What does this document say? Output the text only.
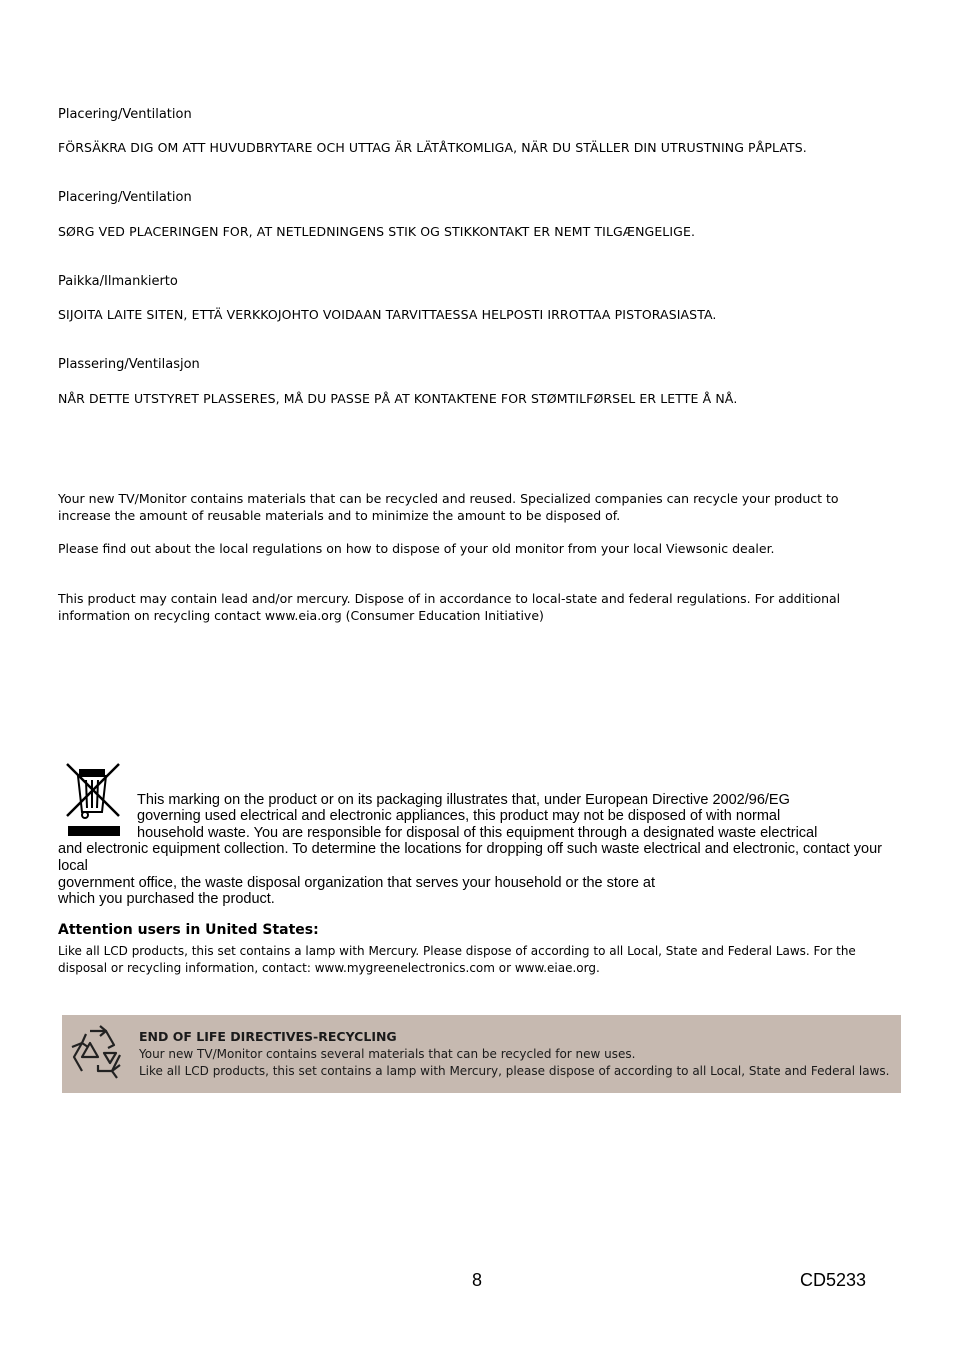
Placering/Ventilation

FÖRSÄKRA DIG OM ATT HUVUDBRYTARE OCH UTTAG ÄR LÄTÅTKOMLIGA, NÄR DU STÄLLER DIN UTRUSTNING PÅPLATS.

Placering/Ventilation

SØRG VED PLACERINGEN FOR, AT NETLEDNINGENS STIK OG STIKKONTAKT ER NEMT TILGÆNGELIGE.

Paikka/Ilmankierto

SIJOITA LAITE SITEN, ETTÄ VERKKOJOHTO VOIDAAN TARVITTAESSA HELPOSTI IRROTTAA PISTORASIASTA.

Plassering/Ventilasjon

NÅR DETTE UTSTYRET PLASSERES, MÅ DU PASSE PÅ AT KONTAKTENE FOR STØMTILFØRSEL ER LETTE Å NÅ.

Your new TV/Monitor contains materials that can be recycled and reused. Specialized companies can recycle your product to increase the amount of reusable materials and to minimize the amount to be disposed of.

Please find out about the local regulations on how to dispose of your old monitor from your local Viewsonic dealer.

This product may contain lead and/or mercury. Dispose of in accordance to local-state and federal regulations. For additional information on recycling contact www.eia.org (Consumer Education Initiative)

This marking on the product or on its packaging illustrates that, under European Directive 2002/96/EG

governing used electrical and electronic appliances, this product may not be disposed of with normal

household waste. You are responsible for disposal of this equipment through a designated waste electrical

and electronic equipment collection. To determine the locations for dropping off such waste electrical and electronic, contact your

local

government office, the waste disposal organization that serves your household or the store at

which you purchased the product.

Attention users in United States:

Like all LCD products, this set contains a lamp with Mercury. Please dispose of according to all Local, State and Federal Laws. For the disposal or recycling information, contact: www.mygreenelectronics.com or www.eiae.org.

END OF LIFE DIRECTIVES-RECYCLING

Your new TV/Monitor contains several materials that can be recycled for new uses.

Like all LCD products, this set contains a lamp with Mercury, please dispose of according to all Local, State and Federal laws.

8	CD5233
